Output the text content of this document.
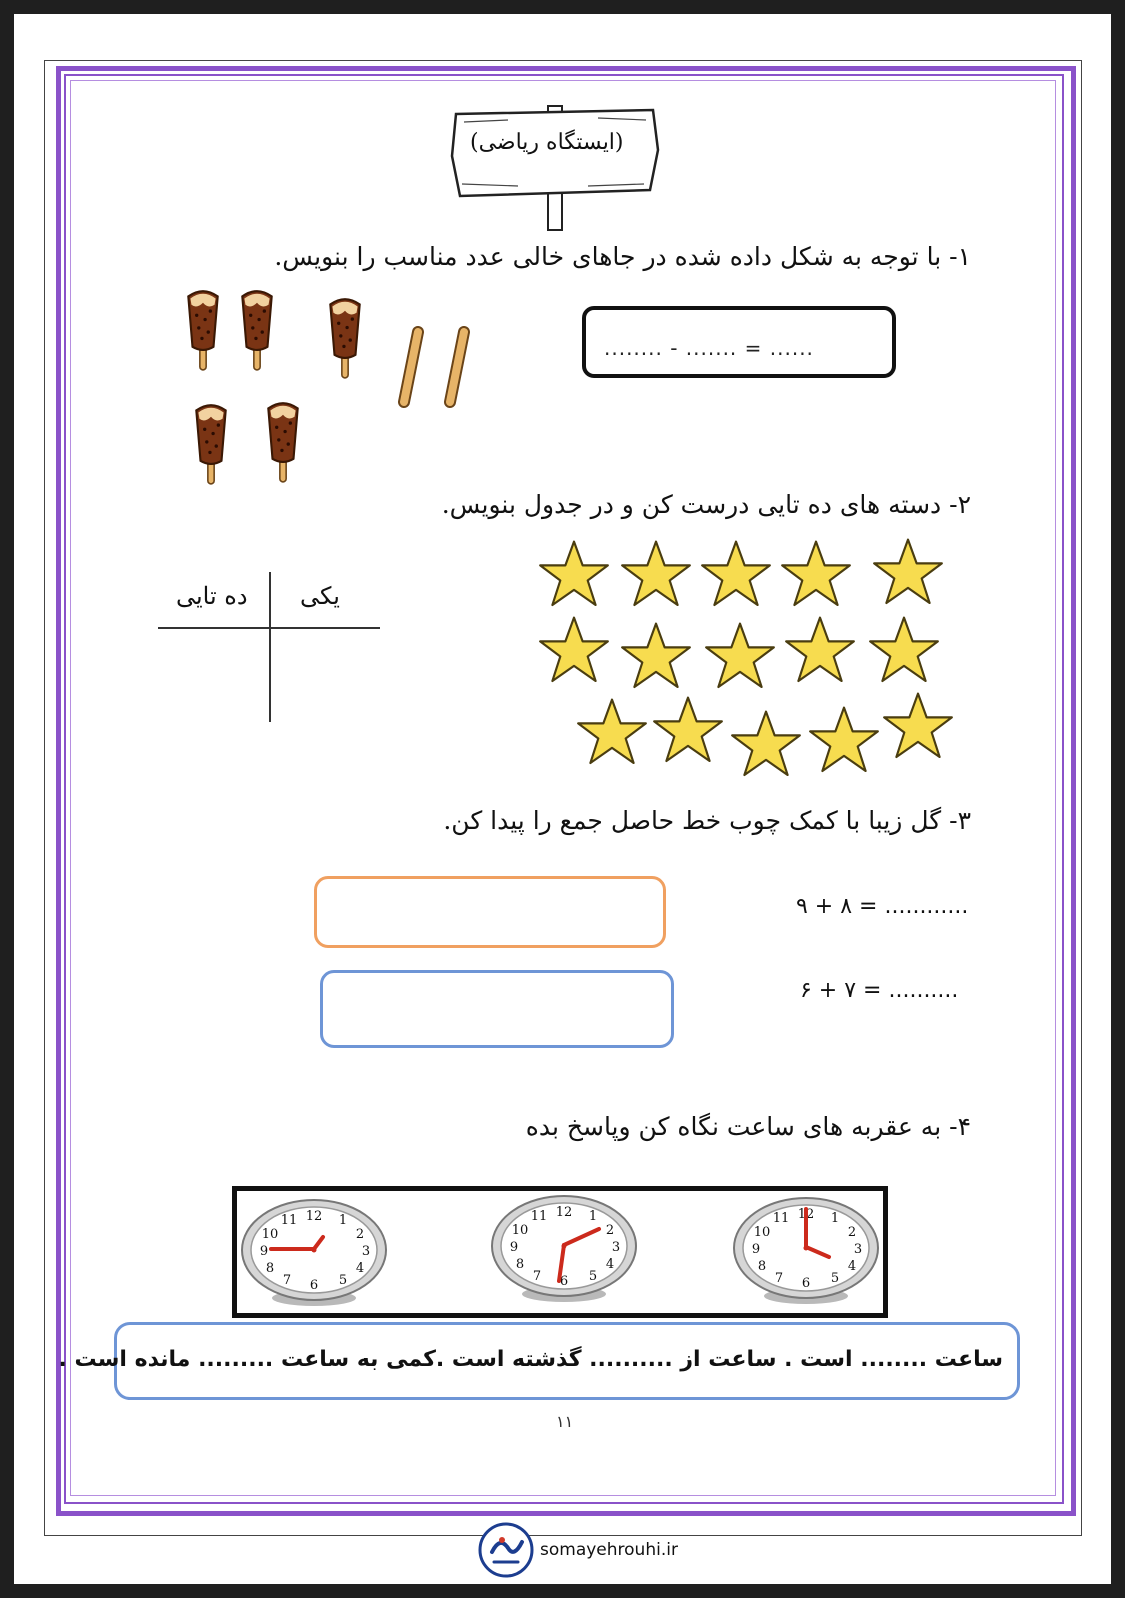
(ایستگاه ریاضی)
۱- با توجه به شکل داده شده در جاهای خالی عدد مناسب را بنویس.
........ - ....... = ......
۲- دسته های ده تایی درست کن و در جدول بنویس.
یکی
ده تایی
۳- گل زیبا با کمک چوب خط حاصل جمع را پیدا کن.
۹ + ۸ = ............
۶ + ۷ = ..........
۴- به عقربه های ساعت نگاه کن وپاسخ بده
ساعت ........ است . ساعت از .......... گذشته است .کمی به ساعت ......... مانده است .
۱۱
somayehrouhi.ir
